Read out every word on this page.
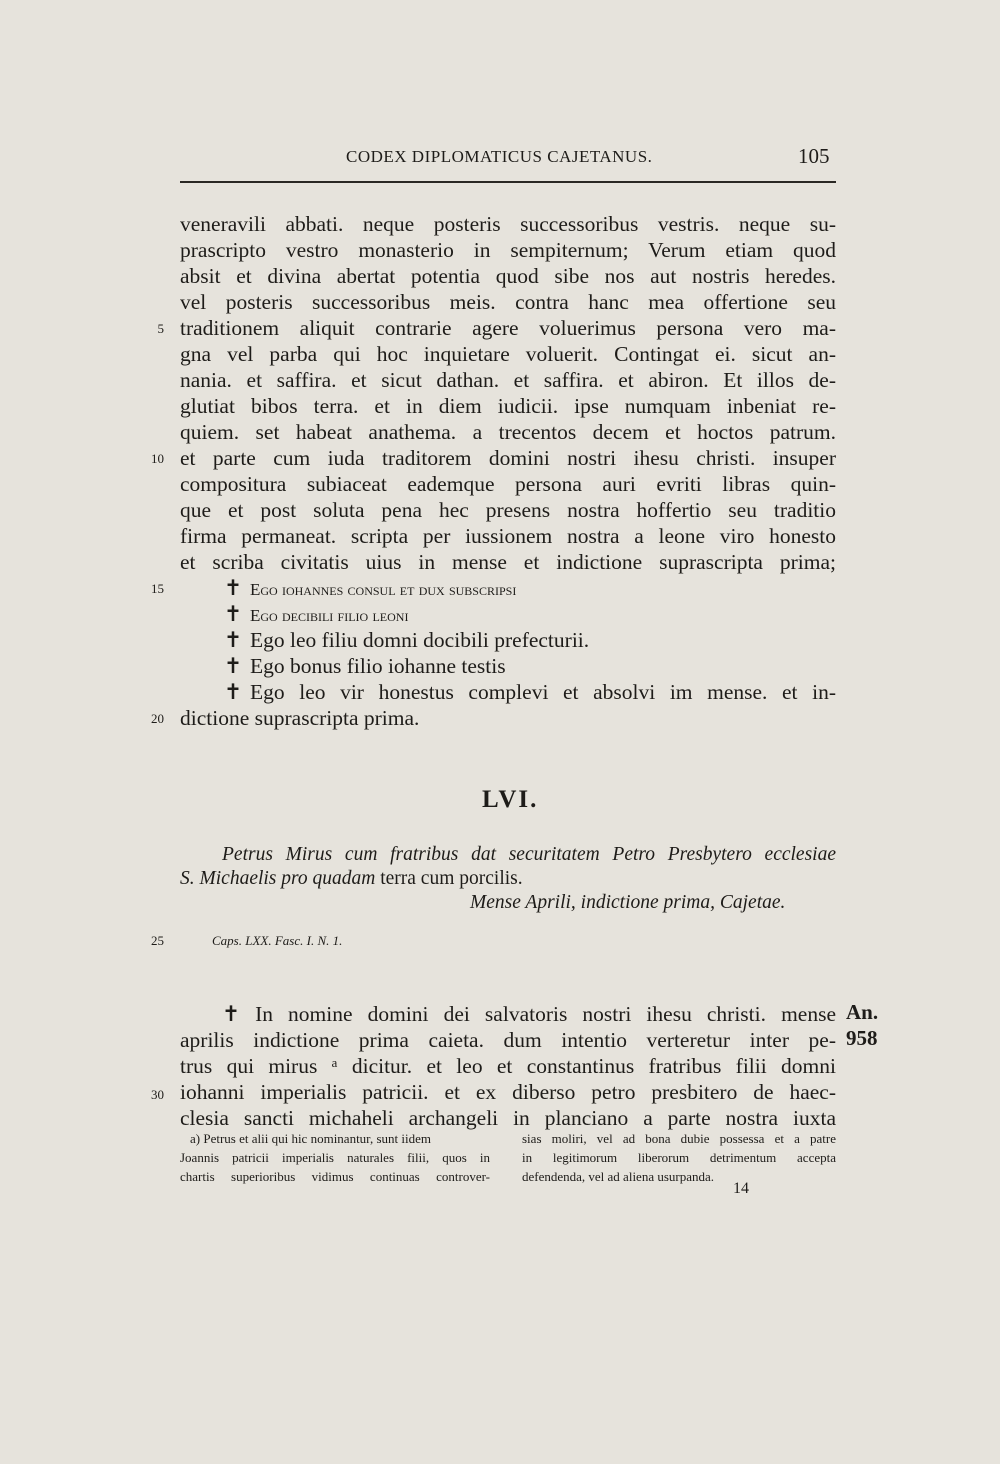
CODEX DIPLOMATICUS CAJETANUS.	105
5
10
15
20
25
30
veneravili abbati. neque posteris successoribus vestris. neque su-
prascripto vestro monasterio in sempiternum; Verum etiam quod
absit et divina abertat potentia quod sibe nos aut nostris heredes.
vel posteris successoribus meis. contra hanc mea offertione seu
traditionem aliquit contrarie agere voluerimus persona vero ma-
gna vel parba qui hoc inquietare voluerit. Contingat ei. sicut an-
nania. et saffira. et sicut dathan. et saffira. et abiron. Et illos de-
glutiat bibos terra. et in diem iudicii. ipse numquam inbeniat re-
quiem. set habeat anathema. a trecentos decem et hoctos patrum.
et parte cum iuda traditorem domini nostri ihesu christi. insuper
compositura subiaceat eademque persona auri evriti libras quin-
que et post soluta pena hec presens nostra hoffertio seu traditio
firma permaneat. scripta per iussionem nostra a leone viro honesto
et scriba civitatis uius in mense et indictione suprascripta prima;
✝ Ego iohannes consul et dux subscripsi
✝ Ego decibili filio leoni
✝ Ego leo filiu domni docibili prefecturii.
✝ Ego bonus filio iohanne testis
✝ Ego leo vir honestus complevi et absolvi im mense. et in-
dictione suprascripta prima.
LVI.
Petrus Mirus cum fratribus dat securitatem Petro Presbytero ecclesiae
S. Michaelis pro quadam terra cum porcilis.
Mense Aprili, indictione prima, Cajetae.
Caps. LXX. Fasc. I. N. 1.
✝ In nomine domini dei salvatoris nostri ihesu christi. mense
aprilis indictione prima caieta. dum intentio verteretur inter pe-
trus qui mirus ᵃ dicitur. et leo et constantinus fratribus filii domni
iohanni imperialis patricii. et ex diberso petro presbitero de haec-
clesia sancti michaheli archangeli in planciano a parte nostra iuxta
An.
958
a) Petrus et alii qui hic nominantur, sunt iidem
Joannis patricii imperialis naturales filii, quos in
chartis superioribus vidimus continuas controver-
sias moliri, vel ad bona dubie possessa et a patre
in legitimorum liberorum detrimentum accepta
defendenda, vel ad aliena usurpanda.
14
